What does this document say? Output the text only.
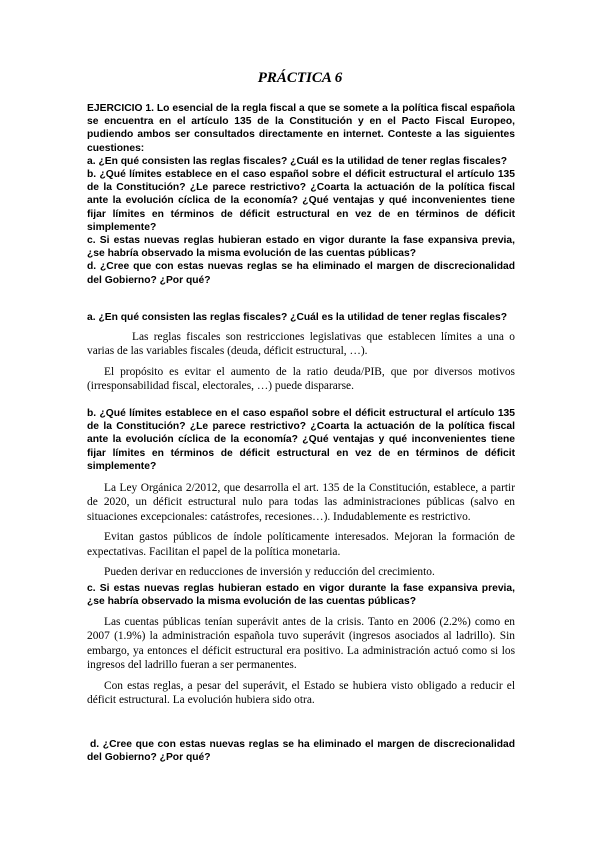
PRÁCTICA 6
EJERCICIO 1. Lo esencial de la regla fiscal a que se somete a la política fiscal española se encuentra en el artículo 135 de la Constitución y en el Pacto Fiscal Europeo, pudiendo ambos ser consultados directamente en internet. Conteste a las siguientes cuestiones:
a. ¿En qué consisten las reglas fiscales? ¿Cuál es la utilidad de tener reglas fiscales?
b. ¿Qué límites establece en el caso español sobre el déficit estructural el artículo 135 de la Constitución? ¿Le parece restrictivo? ¿Coarta la actuación de la política fiscal ante la evolución cíclica de la economía? ¿Qué ventajas y qué inconvenientes tiene fijar límites en términos de déficit estructural en vez de en términos de déficit simplemente?
c. Si estas nuevas reglas hubieran estado en vigor durante la fase expansiva previa, ¿se habría observado la misma evolución de las cuentas públicas?
d. ¿Cree que con estas nuevas reglas se ha eliminado el margen de discrecionalidad del Gobierno? ¿Por qué?
a. ¿En qué consisten las reglas fiscales? ¿Cuál es la utilidad de tener reglas fiscales?

Las reglas fiscales son restricciones legislativas que establecen límites a una o varias de las variables fiscales (deuda, déficit estructural, …).

El propósito es evitar el aumento de la ratio deuda/PIB, que por diversos motivos (irresponsabilidad fiscal, electorales, …) puede dispararse.

b. ¿Qué límites establece en el caso español sobre el déficit estructural el artículo 135 de la Constitución? ¿Le parece restrictivo? ¿Coarta la actuación de la política fiscal ante la evolución cíclica de la economía? ¿Qué ventajas y qué inconvenientes tiene fijar límites en términos de déficit estructural en vez de en términos de déficit simplemente?

La Ley Orgánica 2/2012, que desarrolla el art. 135 de la Constitución, establece, a partir de 2020, un déficit estructural nulo para todas las administraciones públicas (salvo en situaciones excepcionales: catástrofes, recesiones…). Indudablemente es restrictivo.

Evitan gastos públicos de índole políticamente interesados. Mejoran la formación de expectativas. Facilitan el papel de la política monetaria.

Pueden derivar en reducciones de inversión y reducción del crecimiento.

c. Si estas nuevas reglas hubieran estado en vigor durante la fase expansiva previa, ¿se habría observado la misma evolución de las cuentas públicas?

Las cuentas públicas tenían superávit antes de la crisis. Tanto en 2006 (2.2%) como en 2007 (1.9%) la administración española tuvo superávit (ingresos asociados al ladrillo). Sin embargo, ya entonces el déficit estructural era positivo. La administración actuó como si los ingresos del ladrillo fueran a ser permanentes.

Con estas reglas, a pesar del superávit, el Estado se hubiera visto obligado a reducir el déficit estructural. La evolución hubiera sido otra.

d. ¿Cree que con estas nuevas reglas se ha eliminado el margen de discrecionalidad del Gobierno? ¿Por qué?
